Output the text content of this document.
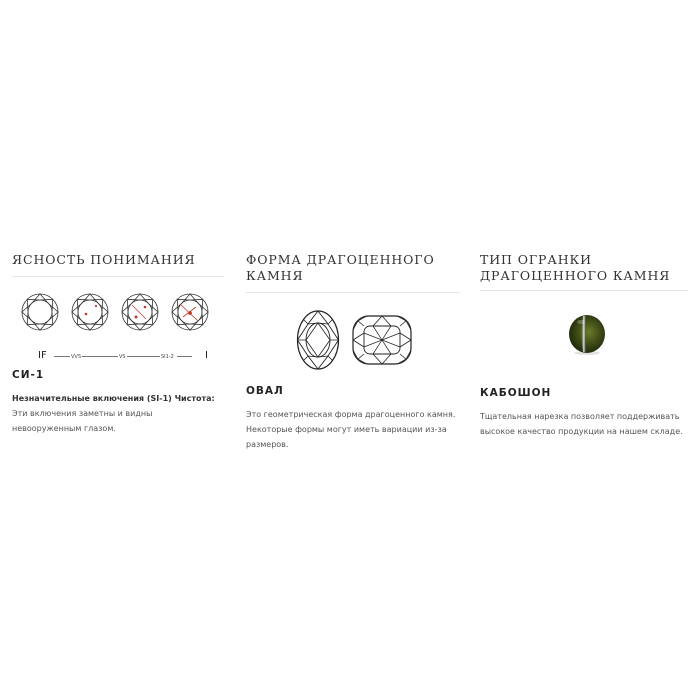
ЯСНОСТЬ ПОНИМАНИЯ
IF	VVS	VS	SI1-2	I
СИ-1
Незначительные включения (SI-1) Чистота: Эти включения заметны и видны невооруженным глазом.
ФОРМА ДРАГОЦЕННОГО КАМНЯ
ОВАЛ
Это геометрическая форма драгоценного камня. Некоторые формы могут иметь вариации из-за размеров.
ТИП ОГРАНКИ ДРАГОЦЕННОГО КАМНЯ
КАБОШОН
Тщательная нарезка позволяет поддерживать высокое качество продукции на нашем складе.
